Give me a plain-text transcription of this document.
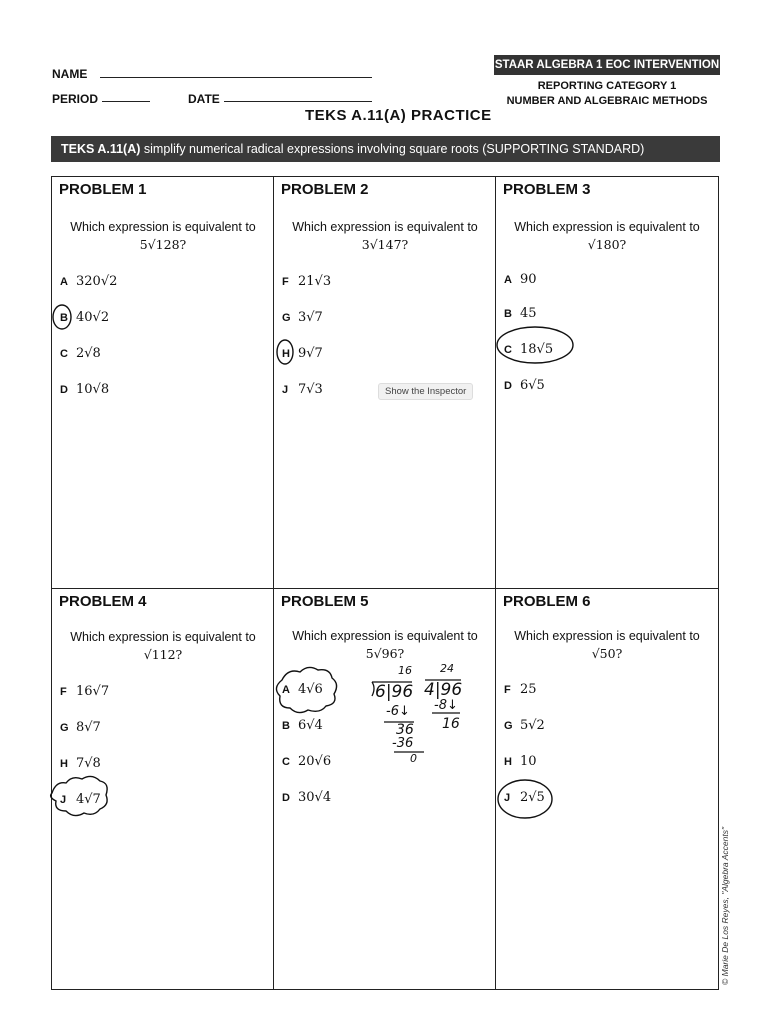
NAME
PERIOD	DATE
STAAR ALGEBRA 1 EOC INTERVENTION
REPORTING CATEGORY 1
NUMBER AND ALGEBRAIC METHODS
TEKS A.11(A) PRACTICE
TEKS A.11(A) simplify numerical radical expressions involving square roots (SUPPORTING STANDARD)
PROBLEM 1
Which expression is equivalent to
5√128?
A 320√2
B 40√2
C 2√8
D 10√8
PROBLEM 2
Which expression is equivalent to
3√147?
F 21√3
G 3√7
H 9√7
J 7√3
PROBLEM 3
Which expression is equivalent to
√180?
A 90
B 45
C 18√5
D 6√5
PROBLEM 4
Which expression is equivalent to
√112?
F 16√7
G 8√7
H 7√8
J 4√7
PROBLEM 5
Which expression is equivalent to
5√96?
A 4√6
B 6√4
C 20√6
D 30√4
PROBLEM 6
Which expression is equivalent to
√50?
F 25
G 5√2
H 10
J 2√5
16
6|96
-6↓
36
-36
0
24
4|96
-8↓
16
Show the Inspector
© Marie De Los Reyes, "Algebra Accents"
